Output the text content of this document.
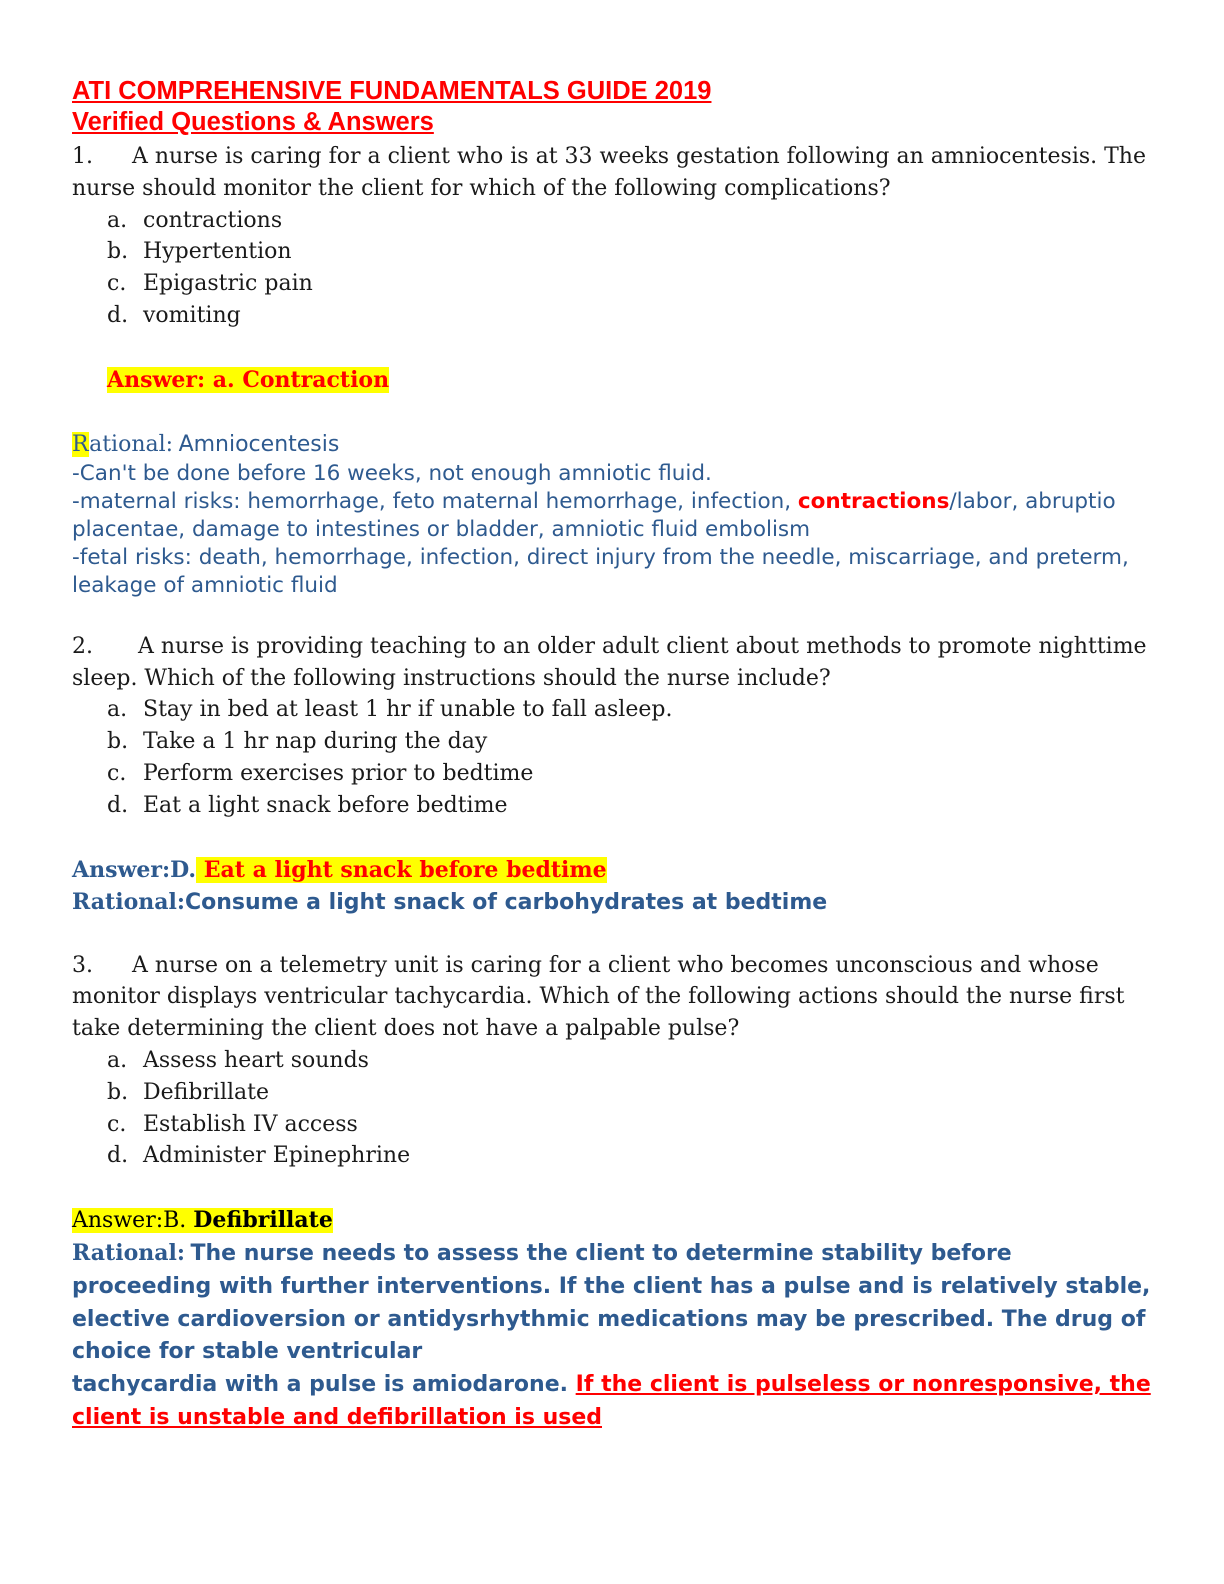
ATI COMPREHENSIVE FUNDAMENTALS GUIDE 2019

Verified Questions & Answers

1. A nurse is caring for a client who is at 33 weeks gestation following an amniocentesis. The nurse should monitor the client for which of the following complications?

a. contractions
b. Hypertention
c. Epigastric pain
d. vomiting
Answer: a. Contraction
Rational: Amniocentesis
-Can't be done before 16 weeks, not enough amniotic fluid.
-maternal risks: hemorrhage, feto maternal hemorrhage, infection, contractions/labor, abruptio placentae, damage to intestines or bladder, amniotic fluid embolism
-fetal risks: death, hemorrhage, infection, direct injury from the needle, miscarriage, and preterm, leakage of amniotic fluid

2. A nurse is providing teaching to an older adult client about methods to promote nighttime sleep. Which of the following instructions should the nurse include?

a. Stay in bed at least 1 hr if unable to fall asleep.
b. Take a 1 hr nap during the day
c. Perform exercises prior to bedtime
d. Eat a light snack before bedtime
Answer:D. Eat a light snack before bedtime
Rational:Consume a light snack of carbohydrates at bedtime

3. A nurse on a telemetry unit is caring for a client who becomes unconscious and whose monitor displays ventricular tachycardia. Which of the following actions should the nurse first take determining the client does not have a palpable pulse?

a. Assess heart sounds
b. Defibrillate
c. Establish IV access
d. Administer Epinephrine
Answer:B. Defibrillate
Rational: The nurse needs to assess the client to determine stability before proceeding with further interventions. If the client has a pulse and is relatively stable, elective cardioversion or antidysrhythmic medications may be prescribed. The drug of choice for stable ventricular
tachycardia with a pulse is amiodarone. If the client is pulseless or nonresponsive, the client is unstable and defibrillation is used
